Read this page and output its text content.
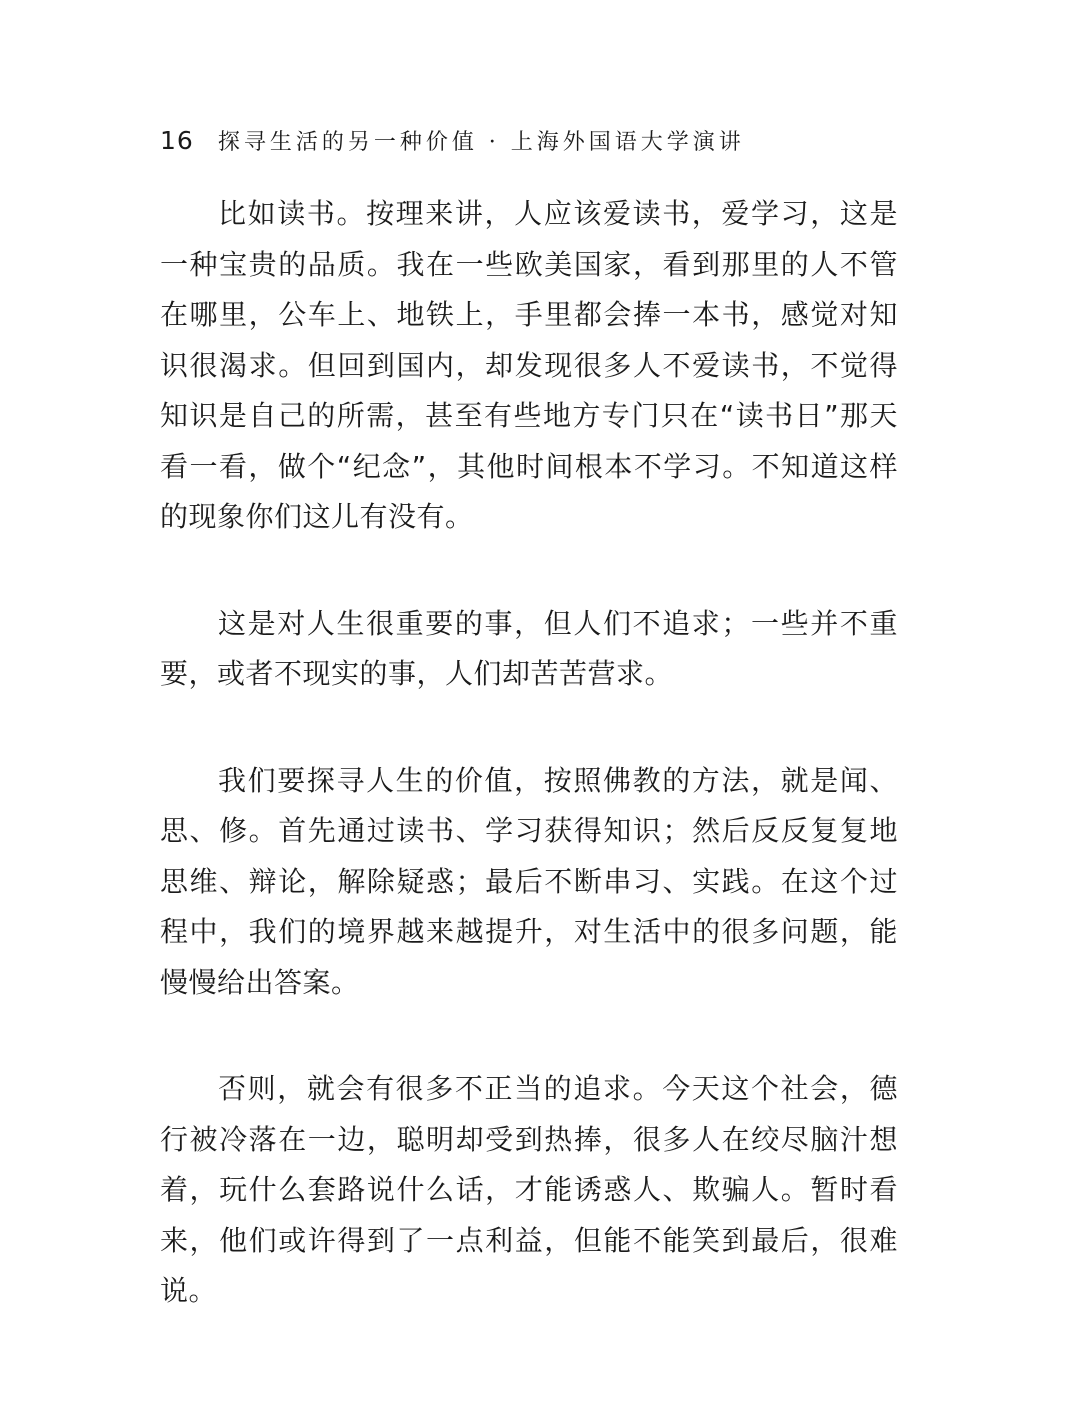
16 探寻生活的另一种价值 · 上海外国语大学演讲

比如读书。按理来讲，人应该爱读书，爱学习，这是一种宝贵的品质。我在一些欧美国家，看到那里的人不管在哪里，公车上、地铁上，手里都会捧一本书，感觉对知识很渴求。但回到国内，却发现很多人不爱读书，不觉得知识是自己的所需，甚至有些地方专门只在“读书日”那天看一看，做个“纪念”，其他时间根本不学习。不知道这样的现象你们这儿有没有。

这是对人生很重要的事，但人们不追求；一些并不重要，或者不现实的事，人们却苦苦营求。

我们要探寻人生的价值，按照佛教的方法，就是闻、思、修。首先通过读书、学习获得知识；然后反反复复地思维、辩论，解除疑惑；最后不断串习、实践。在这个过程中，我们的境界越来越提升，对生活中的很多问题，能慢慢给出答案。

否则，就会有很多不正当的追求。今天这个社会，德行被冷落在一边，聪明却受到热捧，很多人在绞尽脑汁想着，玩什么套路说什么话，才能诱惑人、欺骗人。暂时看来，他们或许得到了一点利益，但能不能笑到最后，很难说。
